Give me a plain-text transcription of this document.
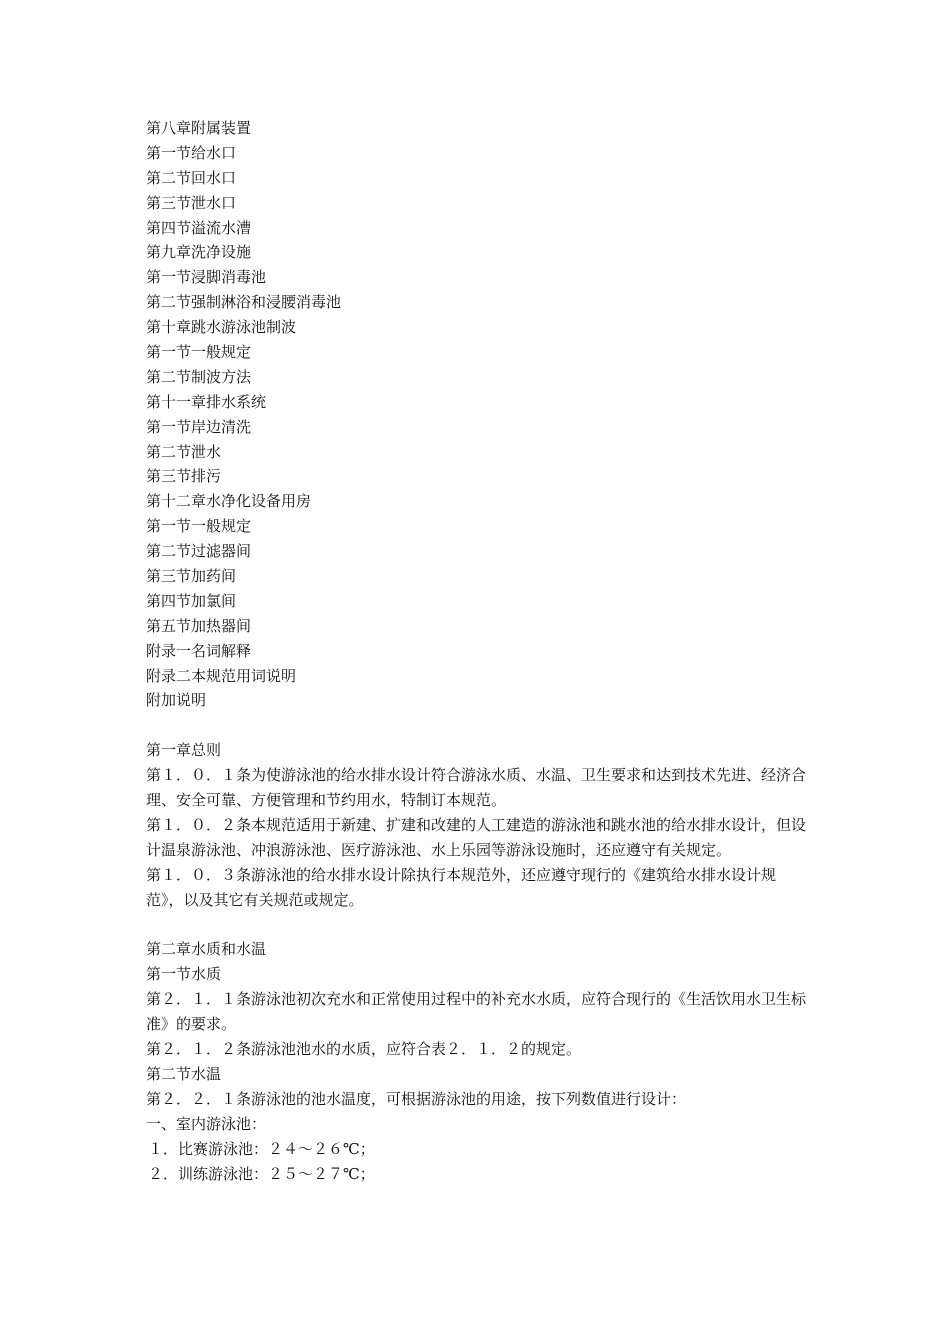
第八章附属装置
第一节给水口
第二节回水口
第三节泄水口
第四节溢流水漕
第九章洗净设施
第一节浸脚消毒池
第二节强制淋浴和浸腰消毒池
第十章跳水游泳池制波
第一节一般规定
第二节制波方法
第十一章排水系统
第一节岸边清洗
第二节泄水
第三节排污
第十二章水净化设备用房
第一节一般规定
第二节过滤器间
第三节加药间
第四节加氯间
第五节加热器间
附录一名词解释
附录二本规范用词说明
附加说明
第一章总则
第１．０．１条为使游泳池的给水排水设计符合游泳水质、水温、卫生要求和达到技术先进、经济合理、安全可靠、方便管理和节约用水，特制订本规范。
第１．０．２条本规范适用于新建、扩建和改建的人工建造的游泳池和跳水池的给水排水设计，但设计温泉游泳池、冲浪游泳池、医疗游泳池、水上乐园等游泳设施时，还应遵守有关规定。
第１．０．３条游泳池的给水排水设计除执行本规范外，还应遵守现行的《建筑给水排水设计规范》，以及其它有关规范或规定。
第二章水质和水温
第一节水质
第２．１．１条游泳池初次充水和正常使用过程中的补充水水质，应符合现行的《生活饮用水卫生标准》的要求。
第２．１．２条游泳池池水的水质，应符合表２．１．２的规定。
第二节水温
第２．２．１条游泳池的池水温度，可根据游泳池的用途，按下列数值进行设计：
一、室内游泳池：
１．比赛游泳池：２４～２６℃；
２．训练游泳池：２５～２７℃；
